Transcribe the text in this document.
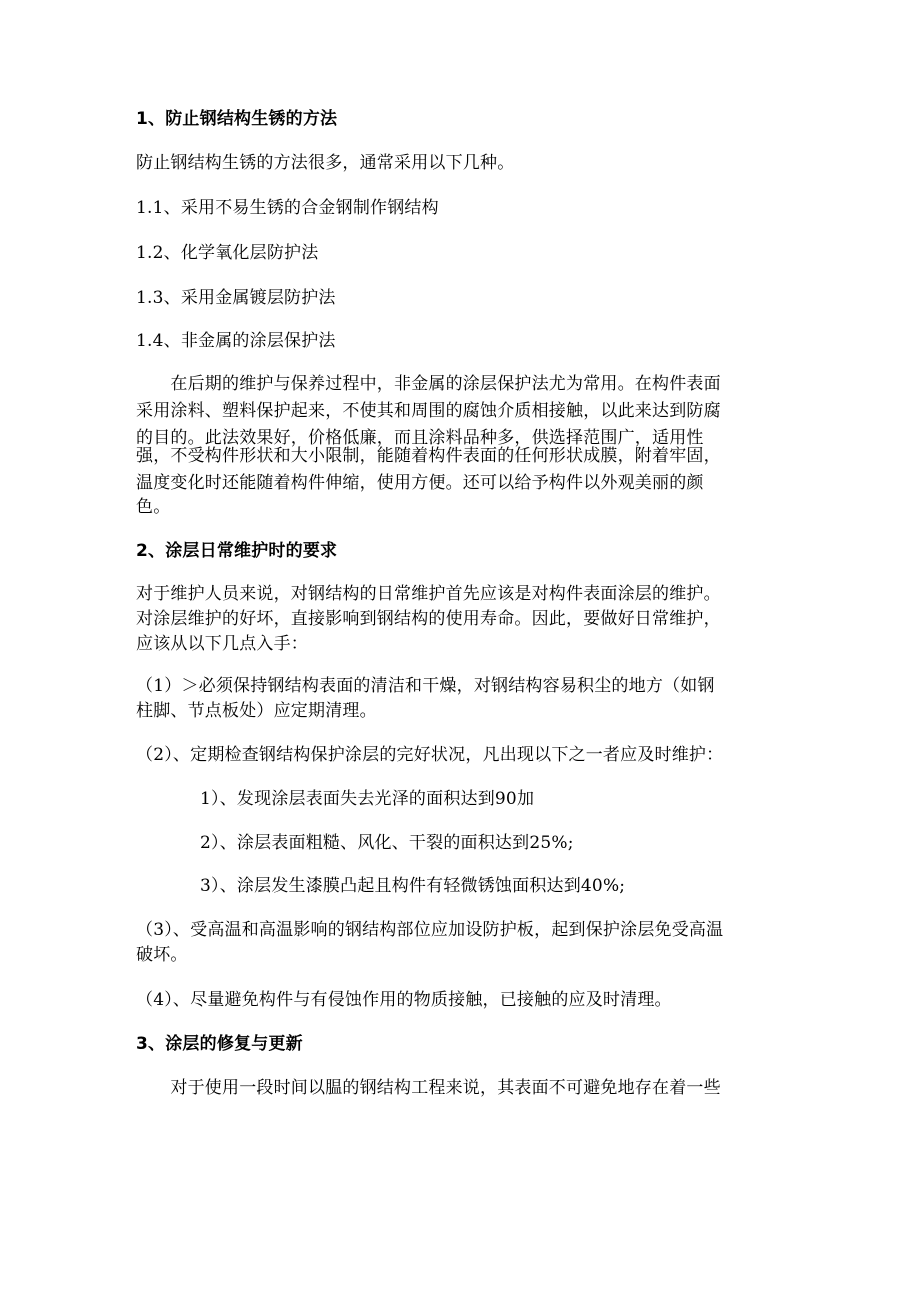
1、防止钢结构生锈的方法
防止钢结构生锈的方法很多，通常采用以下几种。
1.1、采用不易生锈的合金钢制作钢结构
1.2、化学氧化层防护法
1.3、采用金属镀层防护法
1.4、非金属的涂层保护法
　　在后期的维护与保养过程中，非金属的涂层保护法尤为常用。在构件表面
采用涂料、塑料保护起来，不使其和周围的腐蚀介质相接触，以此来达到防腐
的目的。此法效果好，价格低廉，而且涂料品种多，供选择范围广，适用性
强，不受构件形状和大小限制，能随着构件表面的任何形状成膜，附着牢固，
温度变化时还能随着构件伸缩，使用方便。还可以给予构件以外观美丽的颜
色。
2、涂层日常维护时的要求
对于维护人员来说，对钢结构的日常维护首先应该是对构件表面涂层的维护。
对涂层维护的好坏，直接影响到钢结构的使用寿命。因此，要做好日常维护，
应该从以下几点入手：
（1）＞必须保持钢结构表面的清洁和干燥，对钢结构容易积尘的地方（如钢
柱脚、节点板处）应定期清理。
（2）、定期检查钢结构保护涂层的完好状况，凡出现以下之一者应及时维护：
1）、发现涂层表面失去光泽的面积达到90加
2）、涂层表面粗糙、风化、干裂的面积达到25%;
3）、涂层发生漆膜凸起且构件有轻微锈蚀面积达到40%;
（3）、受高温和高温影响的钢结构部位应加设防护板，起到保护涂层免受高温
破坏。
（4）、尽量避免构件与有侵蚀作用的物质接触，已接触的应及时清理。
3、涂层的修复与更新
　　对于使用一段时间以腽的钢结构工程来说，其表面不可避免地存在着一些
